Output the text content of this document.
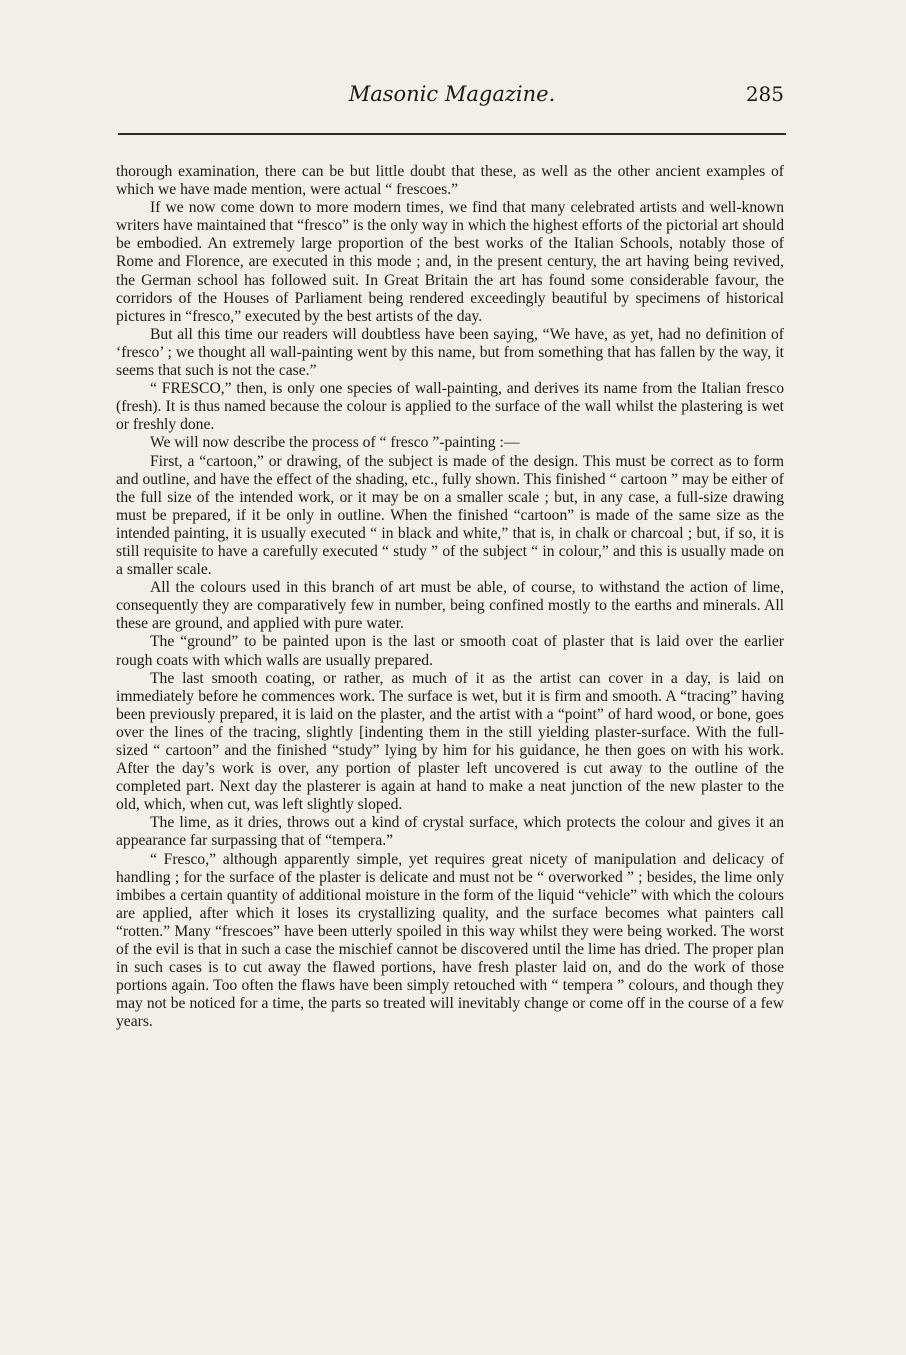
Masonic Magazine.	285

thorough examination, there can be but little doubt that these, as well as the other ancient examples of which we have made mention, were actual “ frescoes.”

If we now come down to more modern times, we find that many celebrated artists and well-known writers have maintained that “fresco” is the only way in which the highest efforts of the pictorial art should be embodied. An extremely large proportion of the best works of the Italian Schools, notably those of Rome and Florence, are executed in this mode ; and, in the present century, the art having being revived, the German school has followed suit. In Great Britain the art has found some considerable favour, the corridors of the Houses of Parliament being rendered exceedingly beautiful by specimens of historical pictures in “fresco,” executed by the best artists of the day.

But all this time our readers will doubtless have been saying, “We have, as yet, had no definition of ‘fresco’ ; we thought all wall-painting went by this name, but from something that has fallen by the way, it seems that such is not the case.”

“ FRESCO,” then, is only one species of wall-painting, and derives its name from the Italian fresco (fresh). It is thus named because the colour is applied to the surface of the wall whilst the plastering is wet or freshly done.

We will now describe the process of “ fresco ”-painting :—

First, a “cartoon,” or drawing, of the subject is made of the design. This must be correct as to form and outline, and have the effect of the shading, etc., fully shown. This finished “ cartoon ” may be either of the full size of the intended work, or it may be on a smaller scale ; but, in any case, a full-size drawing must be prepared, if it be only in outline. When the finished “cartoon” is made of the same size as the intended painting, it is usually executed “ in black and white,” that is, in chalk or charcoal ; but, if so, it is still requisite to have a carefully executed “ study ” of the subject “ in colour,” and this is usually made on a smaller scale.

All the colours used in this branch of art must be able, of course, to withstand the action of lime, consequently they are comparatively few in number, being confined mostly to the earths and minerals. All these are ground, and applied with pure water.

The “ground” to be painted upon is the last or smooth coat of plaster that is laid over the earlier rough coats with which walls are usually prepared.

The last smooth coating, or rather, as much of it as the artist can cover in a day, is laid on immediately before he commences work. The surface is wet, but it is firm and smooth. A “tracing” having been previously prepared, it is laid on the plaster, and the artist with a “point” of hard wood, or bone, goes over the lines of the tracing, slightly [indenting them in the still yielding plaster-surface. With the full-sized “ cartoon” and the finished “study” lying by him for his guidance, he then goes on with his work. After the day’s work is over, any portion of plaster left uncovered is cut away to the outline of the completed part. Next day the plasterer is again at hand to make a neat junction of the new plaster to the old, which, when cut, was left slightly sloped.

The lime, as it dries, throws out a kind of crystal surface, which protects the colour and gives it an appearance far surpassing that of “tempera.”

“ Fresco,” although apparently simple, yet requires great nicety of manipulation and delicacy of handling ; for the surface of the plaster is delicate and must not be “ overworked ” ; besides, the lime only imbibes a certain quantity of additional moisture in the form of the liquid “vehicle” with which the colours are applied, after which it loses its crystallizing quality, and the surface becomes what painters call “rotten.” Many “frescoes” have been utterly spoiled in this way whilst they were being worked. The worst of the evil is that in such a case the mischief cannot be discovered until the lime has dried. The proper plan in such cases is to cut away the flawed portions, have fresh plaster laid on, and do the work of those portions again. Too often the flaws have been simply retouched with “ tempera ” colours, and though they may not be noticed for a time, the parts so treated will inevitably change or come off in the course of a few years.
